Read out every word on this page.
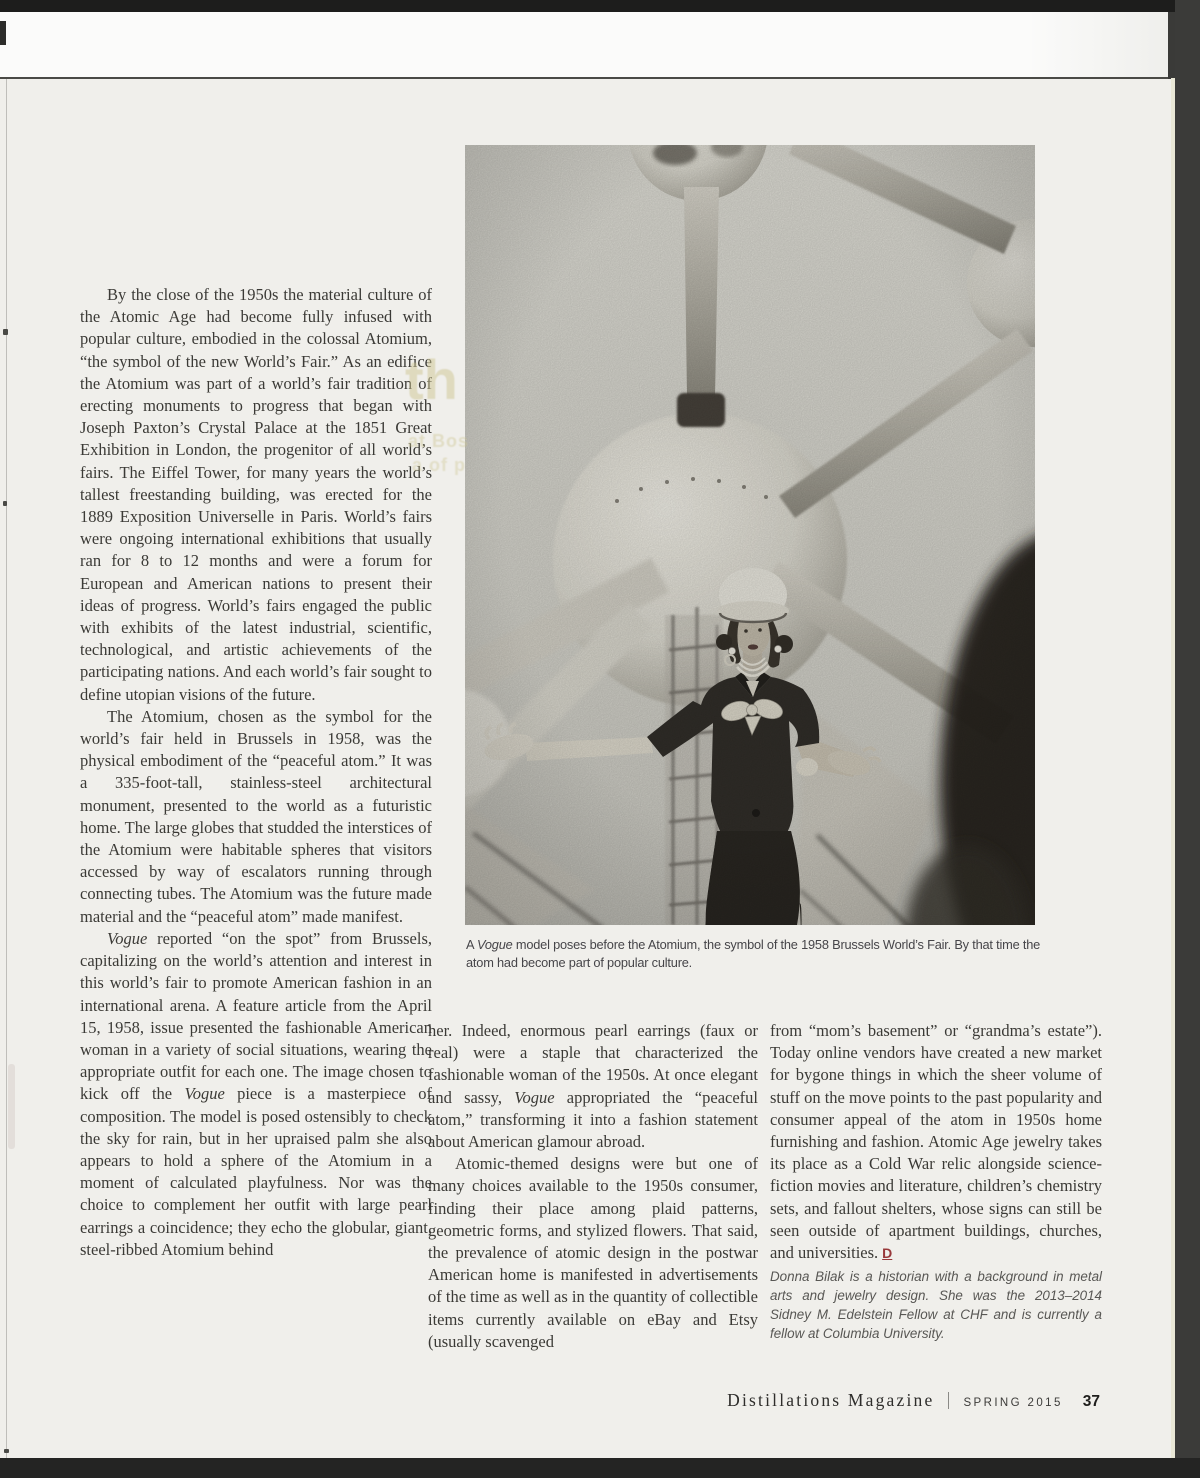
th
at Bos
a of p

By the close of the 1950s the material culture of the Atomic Age had become fully infused with popular culture, embodied in the colossal Atomium, “the symbol of the new World’s Fair.” As an edifice the Atomium was part of a world’s fair tradition of erecting monuments to progress that began with Joseph Paxton’s Crystal Palace at the 1851 Great Exhibition in London, the progenitor of all world’s fairs. The Eiffel Tower, for many years the world’s tallest freestanding building, was erected for the 1889 Exposition Universelle in Paris. World’s fairs were ongoing international exhibitions that usually ran for 8 to 12 months and were a forum for European and American nations to present their ideas of progress. World’s fairs engaged the public with exhibits of the latest industrial, scientific, technological, and artistic achievements of the participating nations. And each world’s fair sought to define utopian visions of the future.

The Atomium, chosen as the symbol for the world’s fair held in Brussels in 1958, was the physical embodiment of the “peaceful atom.” It was a 335-foot-tall, stainless-steel architectural monument, presented to the world as a futuristic home. The large globes that studded the interstices of the Atomium were habitable spheres that visitors accessed by way of escalators running through connecting tubes. The Atomium was the future made material and the “peaceful atom” made manifest.

Vogue reported “on the spot” from Brussels, capitalizing on the world’s attention and interest in this world’s fair to promote American fashion in an international arena. A feature article from the April 15, 1958, issue presented the fashionable American woman in a variety of social situations, wearing the appropriate outfit for each one. The image chosen to kick off the Vogue piece is a masterpiece of composition. The model is posed ostensibly to check the sky for rain, but in her upraised palm she also appears to hold a sphere of the Atomium in a moment of calculated playfulness. Nor was the choice to complement her outfit with large pearl earrings a coincidence; they echo the globular, giant, steel-ribbed Atomium behind

A Vogue model poses before the Atomium, the symbol of the 1958 Brussels World’s Fair. By that time the atom had become part of popular culture.

her. Indeed, enormous pearl earrings (faux or real) were a staple that characterized the fashionable woman of the 1950s. At once elegant and sassy, Vogue appropriated the “peaceful atom,” transforming it into a fashion statement about American glamour abroad.

Atomic-themed designs were but one of many choices available to the 1950s consumer, finding their place among plaid patterns, geometric forms, and stylized flowers. That said, the prevalence of atomic design in the postwar American home is manifested in advertisements of the time as well as in the quantity of collectible items currently available on eBay and Etsy (usually scavenged

from “mom’s basement” or “grandma’s estate”). Today online vendors have created a new market for bygone things in which the sheer volume of stuff on the move points to the past popularity and consumer appeal of the atom in 1950s home furnishing and fashion. Atomic Age jewelry takes its place as a Cold War relic alongside science-fiction movies and literature, children’s chemistry sets, and fallout shelters, whose signs can still be seen outside of apartment buildings, churches, and universities. D

Donna Bilak is a historian with a background in metal arts and jewelry design. She was the 2013–2014 Sidney M. Edelstein Fellow at CHF and is currently a fellow at Columbia University.

Distillations Magazine	SPRING 2015 37
